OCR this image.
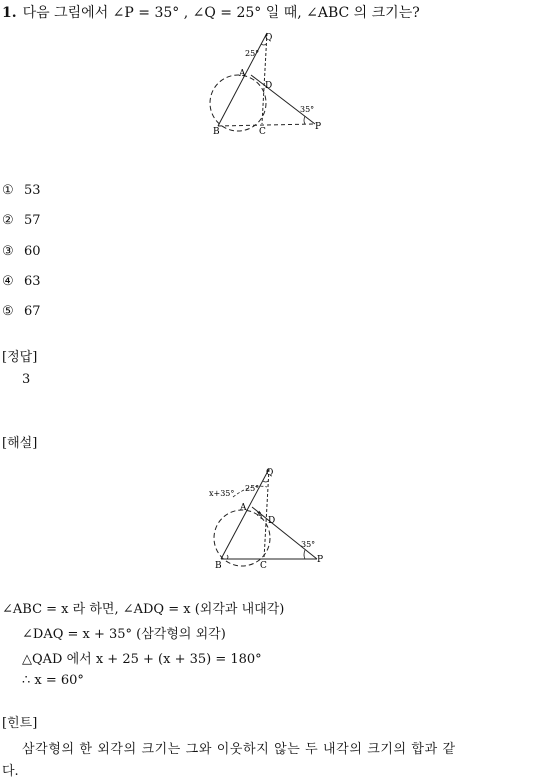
1. 다음 그림에서 ∠P = 35° , ∠Q = 25° 일 때, ∠ABC 의 크기는?
Q
25°
A
D
35°
P
B	C
① 53
② 57
③ 60
④ 63
⑤ 67
[정답]
3
[해설]
Q
x+35°
25°
A
x
D
35°
P
B	C
∠ABC = x 라 하면, ∠ADQ = x (외각과 내대각)
∠DAQ = x + 35° (삼각형의 외각)
△QAD 에서 x + 25 + (x + 35) = 180°
∴ x = 60°
[힌트]
삼각형의 한 외각의 크기는 그와 이웃하지 않는 두 내각의 크기의 합과 같
다.
